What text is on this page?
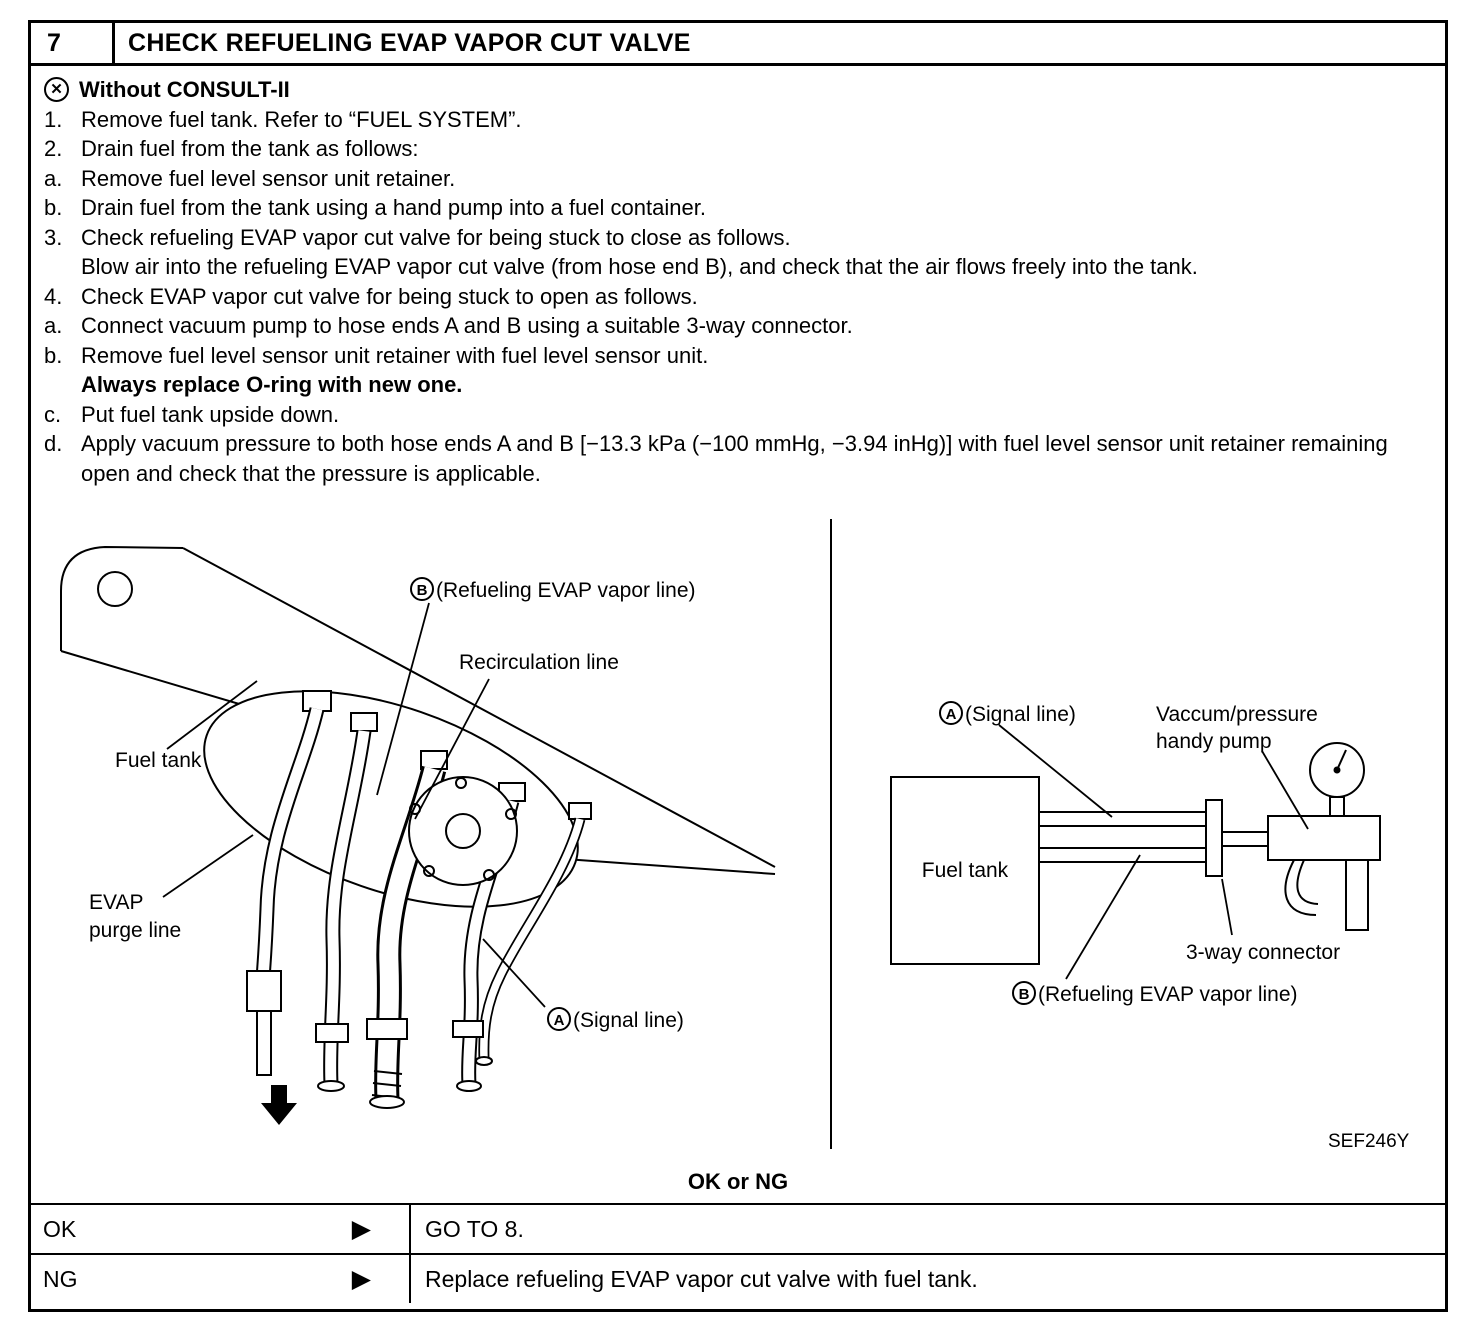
7	CHECK REFUELING EVAP VAPOR CUT VALVE
✕ Without CONSULT-II
1. Remove fuel tank. Refer to “FUEL SYSTEM”.
2. Drain fuel from the tank as follows:
a. Remove fuel level sensor unit retainer.
b. Drain fuel from the tank using a hand pump into a fuel container.
3. Check refueling EVAP vapor cut valve for being stuck to close as follows.
Blow air into the refueling EVAP vapor cut valve (from hose end B), and check that the air flows freely into the tank.
4. Check EVAP vapor cut valve for being stuck to open as follows.
a. Connect vacuum pump to hose ends A and B using a suitable 3-way connector.
b. Remove fuel level sensor unit retainer with fuel level sensor unit.
Always replace O-ring with new one.
c. Put fuel tank upside down.
d. Apply vacuum pressure to both hose ends A and B [−13.3 kPa (−100 mmHg, −3.94 inHg)] with fuel level sensor unit retainer remaining open and check that the pressure is applicable.
B (Refueling EVAP vapor line)
Recirculation line
Fuel tank
EVAP
purge line
A (Signal line)
Fuel tank
A (Signal line)	Vaccum/pressure
handy pump
3-way connector
B (Refueling EVAP vapor line)
SEF246Y
OK or NG
OK	▶	GO TO 8.
NG	▶	Replace refueling EVAP vapor cut valve with fuel tank.
